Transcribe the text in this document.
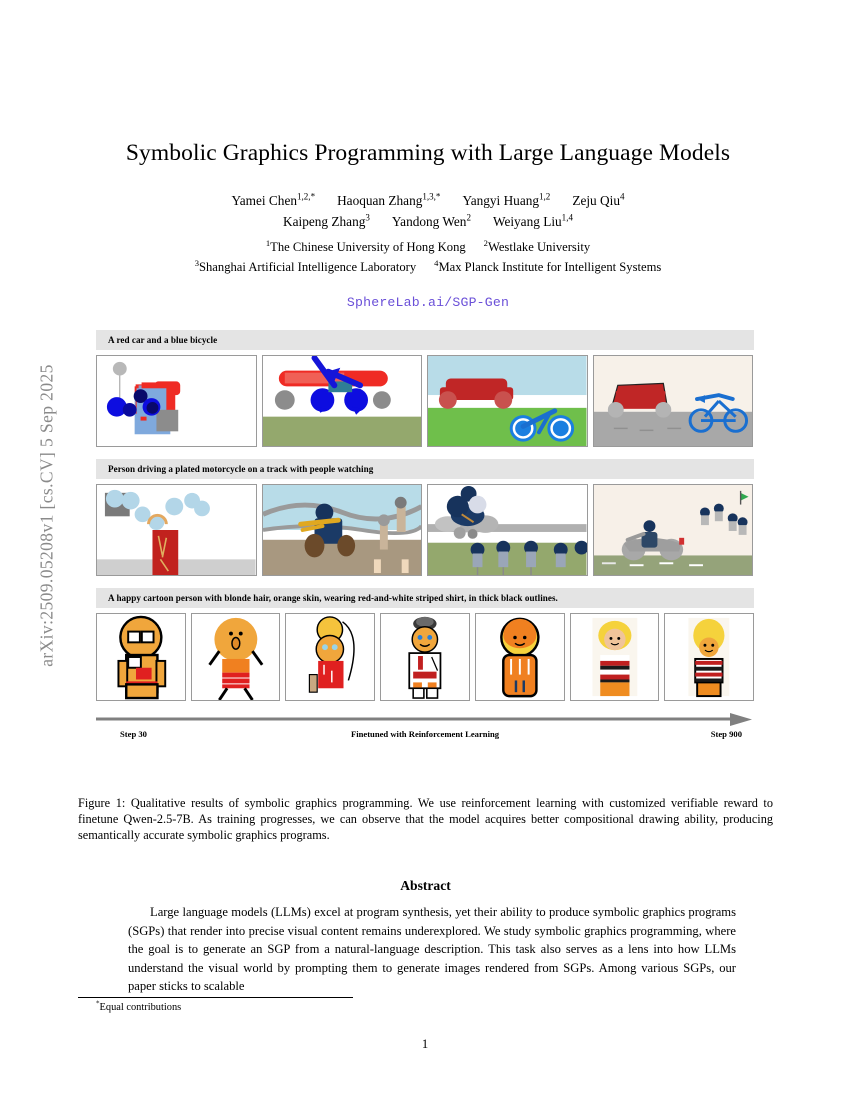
arXiv:2509.05208v1 [cs.CV] 5 Sep 2025
Symbolic Graphics Programming with Large Language Models
Yamei Chen$^{1,2,*}$ Haoquan Zhang$^{1,3,*}$ Yangyi Huang$^{1,2}$ Zeju Qiu$^4$
Kaipeng Zhang$^3$ Yandong Wen$^2$ Weiyang Liu$^{1,4}$
$^1$The Chinese University of Hong Kong $^2$Westlake University
$^3$Shanghai Artificial Intelligence Laboratory $^4$Max Planck Institute for Intelligent Systems
SphereLab.ai/SGP-Gen
A red car and a blue bicycle
Person driving a plated motorcycle on a track with people watching
A happy cartoon person with blonde hair, orange skin, wearing red-and-white striped shirt, in thick black outlines.
Step 30	Finetuned with Reinforcement Learning	Step 900
Figure 1: Qualitative results of symbolic graphics programming. We use reinforcement learning with customized verifiable reward to finetune Qwen-2.5-7B. As training progresses, we can observe that the model acquires better compositional drawing ability, producing semantically accurate symbolic graphics programs.
Abstract
Large language models (LLMs) excel at program synthesis, yet their ability to produce symbolic graphics programs (SGPs) that render into precise visual content remains underexplored. We study symbolic graphics programming, where the goal is to generate an SGP from a natural-language description. This task also serves as a lens into how LLMs understand the visual world by prompting them to generate images rendered from SGPs. Among various SGPs, our paper sticks to scalable
*Equal contributions
1
